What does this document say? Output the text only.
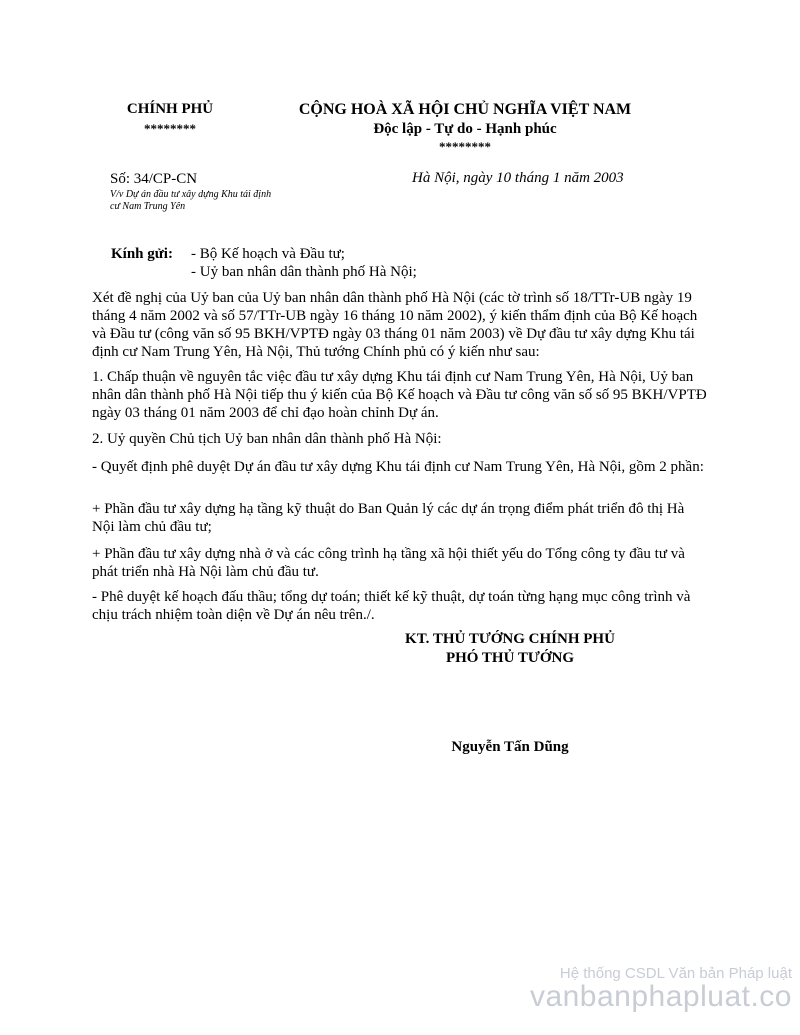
CHÍNH PHỦ
********
CỘNG HOÀ XÃ HỘI CHỦ NGHĨA VIỆT NAM
Độc lập - Tự do - Hạnh phúc
********
Số: 34/CP-CN
V/v Dự án đầu tư xây dựng Khu tái định
cư Nam Trung Yên
Hà Nội, ngày 10 tháng 1 năm 2003
Kính gửi: - Bộ Kế hoạch và Đầu tư;
- Uỷ ban nhân dân thành phố Hà Nội;
Xét đề nghị của Uỷ ban của Uỷ ban nhân dân thành phố Hà Nội (các tờ trình số 18/TTr-UB ngày 19 tháng 4 năm 2002 và số 57/TTr-UB ngày 16 tháng 10 năm 2002), ý kiến thẩm định của Bộ Kế hoạch và Đầu tư (công văn số 95 BKH/VPTĐ ngày 03 tháng 01 năm 2003) về Dự đầu tư xây dựng Khu tái định cư Nam Trung Yên, Hà Nội, Thủ tướng Chính phủ có ý kiến như sau:
1. Chấp thuận về nguyên tắc việc đầu tư xây dựng Khu tái định cư Nam Trung Yên, Hà Nội, Uỷ ban nhân dân thành phố Hà Nội tiếp thu ý kiến của Bộ Kế hoạch và Đầu tư công văn số số 95 BKH/VPTĐ ngày 03 tháng 01 năm 2003 để chỉ đạo hoàn chỉnh Dự án.
2. Uỷ quyền Chủ tịch Uỷ ban nhân dân thành phố Hà Nội:
- Quyết định phê duyệt Dự án đầu tư xây dựng Khu tái định cư Nam Trung Yên, Hà Nội, gồm 2 phần:
+ Phần đầu tư xây dựng hạ tầng kỹ thuật do Ban Quản lý các dự án trọng điểm phát triển đô thị Hà Nội làm chủ đầu tư;
+ Phần đầu tư xây dựng nhà ở và các công trình hạ tầng xã hội thiết yếu do Tổng công ty đầu tư và phát triển nhà Hà Nội làm chủ đầu tư.
- Phê duyệt kế hoạch đấu thầu; tổng dự toán; thiết kế kỹ thuật, dự toán từng hạng mục công trình và chịu trách nhiệm toàn diện về Dự án nêu trên./.
KT. THỦ TƯỚNG CHÍNH PHỦ
PHÓ THỦ TƯỚNG
Nguyễn Tấn Dũng
Hệ thống CSDL Văn bản Pháp luật
vanbanphapluat.co
